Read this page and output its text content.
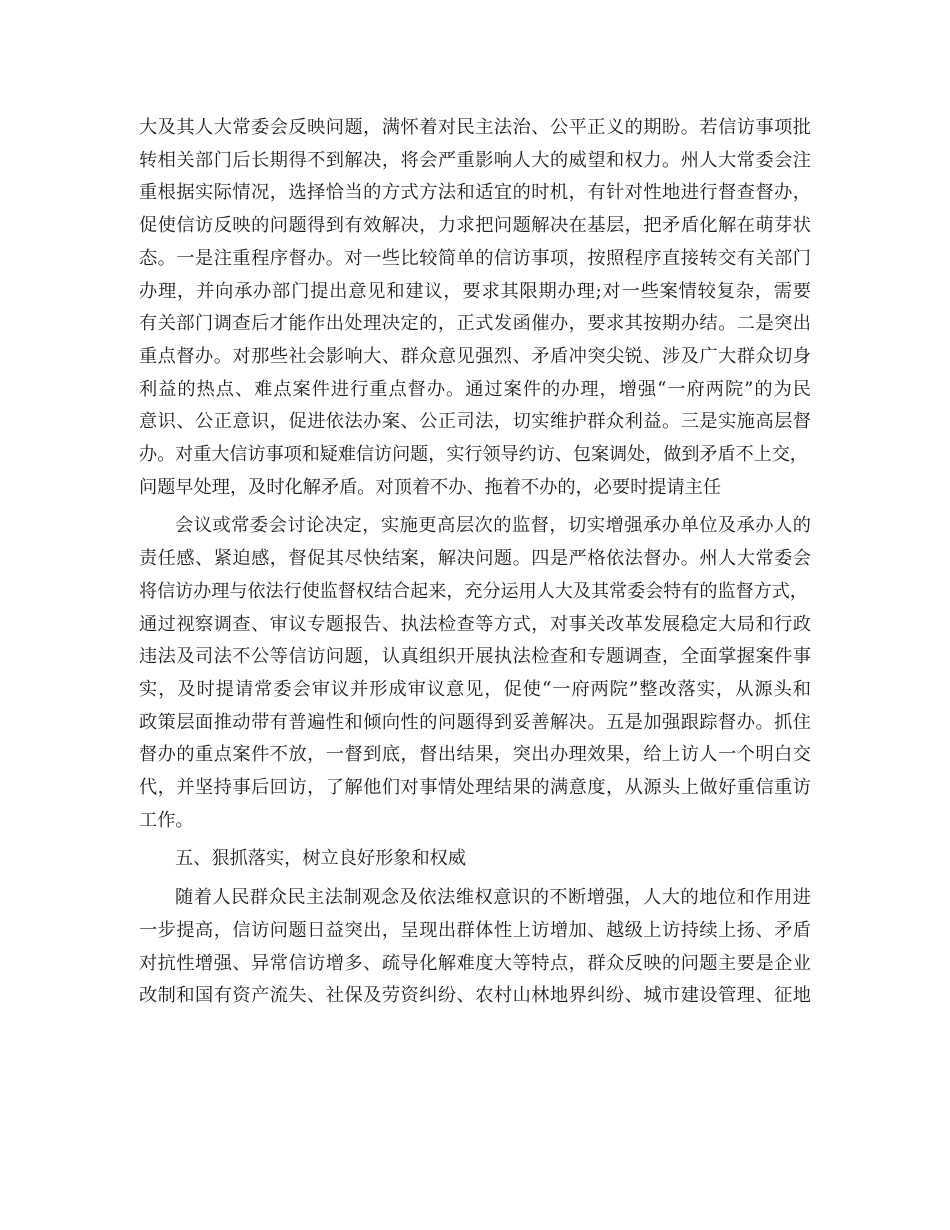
大及其人大常委会反映问题，满怀着对民主法治、公平正义的期盼。若信访事项批
转相关部门后长期得不到解决，将会严重影响人大的威望和权力。州人大常委会注
重根据实际情况，选择恰当的方式方法和适宜的时机，有针对性地进行督查督办，
促使信访反映的问题得到有效解决，力求把问题解决在基层，把矛盾化解在萌芽状
态。一是注重程序督办。对一些比较简单的信访事项，按照程序直接转交有关部门
办理，并向承办部门提出意见和建议，要求其限期办理;对一些案情较复杂，需要
有关部门调查后才能作出处理决定的，正式发函催办，要求其按期办结。二是突出
重点督办。对那些社会影响大、群众意见强烈、矛盾冲突尖锐、涉及广大群众切身
利益的热点、难点案件进行重点督办。通过案件的办理，增强“一府两院”的为民
意识、公正意识，促进依法办案、公正司法，切实维护群众利益。三是实施高层督
办。对重大信访事项和疑难信访问题，实行领导约访、包案调处，做到矛盾不上交，
问题早处理，及时化解矛盾。对顶着不办、拖着不办的，必要时提请主任

会议或常委会讨论决定，实施更高层次的监督，切实增强承办单位及承办人的
责任感、紧迫感，督促其尽快结案，解决问题。四是严格依法督办。州人大常委会
将信访办理与依法行使监督权结合起来，充分运用人大及其常委会特有的监督方式，
通过视察调查、审议专题报告、执法检查等方式，对事关改革发展稳定大局和行政
违法及司法不公等信访问题，认真组织开展执法检查和专题调查，全面掌握案件事
实，及时提请常委会审议并形成审议意见，促使“一府两院”整改落实，从源头和
政策层面推动带有普遍性和倾向性的问题得到妥善解决。五是加强跟踪督办。抓住
督办的重点案件不放，一督到底，督出结果，突出办理效果，给上访人一个明白交
代，并坚持事后回访，了解他们对事情处理结果的满意度，从源头上做好重信重访
工作。

五、狠抓落实，树立良好形象和权威

随着人民群众民主法制观念及依法维权意识的不断增强，人大的地位和作用进
一步提高，信访问题日益突出，呈现出群体性上访增加、越级上访持续上扬、矛盾
对抗性增强、异常信访增多、疏导化解难度大等特点，群众反映的问题主要是企业
改制和国有资产流失、社保及劳资纠纷、农村山林地界纠纷、城市建设管理、征地
